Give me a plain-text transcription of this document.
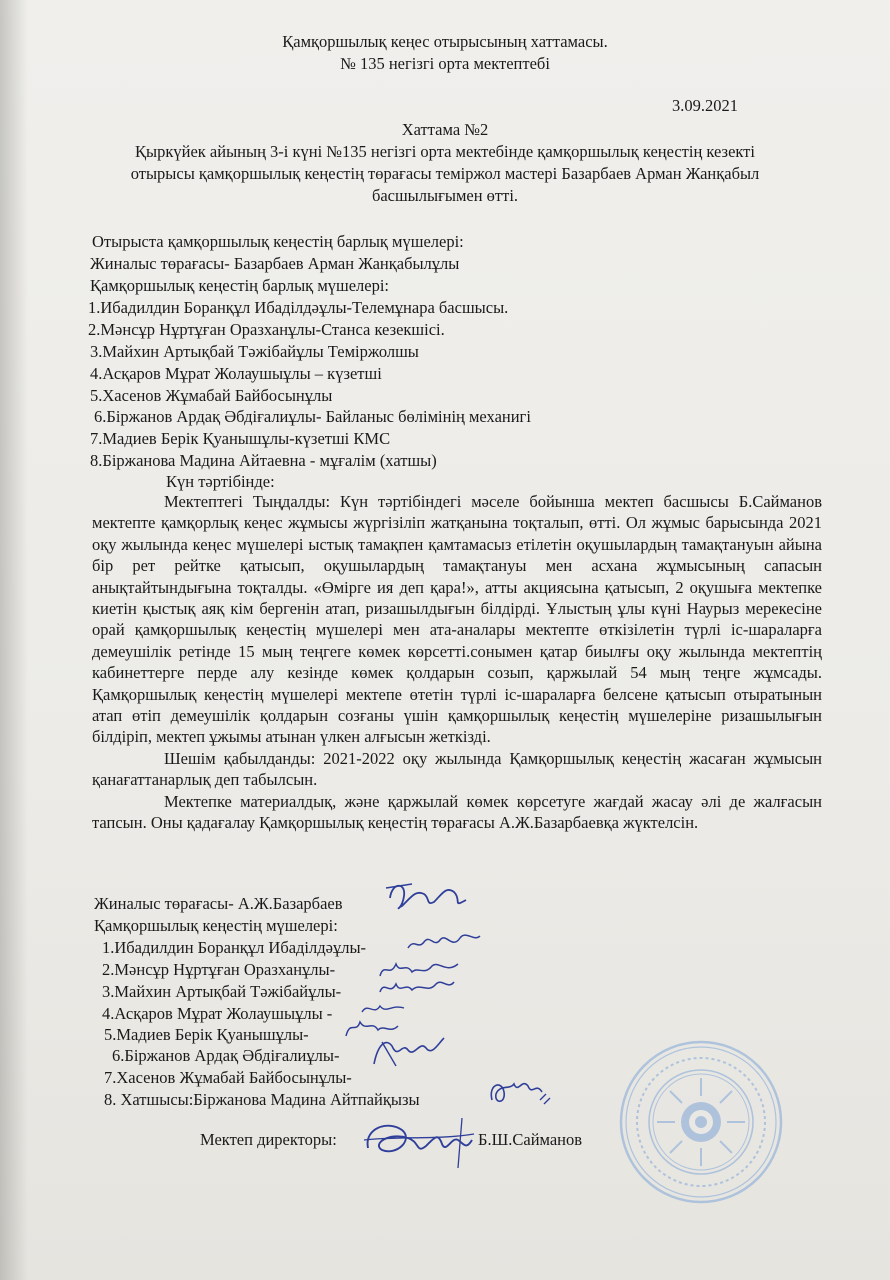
Қамқоршылық кеңес отырысының хаттамасы.
№ 135 негізгі орта мектептебі
3.09.2021
Хаттама №2
Қыркүйек айының 3-і күні №135 негізгі орта мектебінде қамқоршылық кеңестің кезекті
отырысы қамқоршылық кеңестің төрағасы теміржол мастері Базарбаев Арман Жанқабыл
басшылығымен өтті.
Отырыста қамқоршылық кеңестің барлық мүшелері:
Жиналыс төрағасы- Базарбаев Арман Жанқабылұлы
Қамқоршылық кеңестің барлық мүшелері:
1.Ибадилдин Боранқұл Ибаділдәұлы-Телемұнара басшысы.
2.Мәнсұр Нұртұған Оразханұлы-Станса кезекшісі.
3.Майхин Артықбай Тәжібайұлы Теміржолшы
4.Асқаров Мұрат Жолаушыұлы – күзетші
5.Хасенов Жұмабай Байбосынұлы
6.Біржанов Ардақ Әбдіғалиұлы- Байланыс бөлімінің механигі
7.Мадиев Берік Қуанышұлы-күзетші КМС
8.Біржанова Мадина Айтаевна - мұғалім (хатшы)
Күн тәртібінде:

Мектептегі Тыңдалды: Күн тәртібіндегі мәселе бойынша мектеп басшысы Б.Сайманов мектепте қамқорлық кеңес жұмысы жүргізіліп жатқанына тоқталып, өтті. Ол жұмыс барысында 2021 оқу жылында кеңес мүшелері ыстық тамақпен қамтамасыз етілетін оқушылардың тамақтануын айына бір рет рейтке қатысып, оқушылардың тамақтануы мен асхана жұмысының сапасын анықтайтындығына тоқталды. «Өмірге ия деп қара!», атты акциясына қатысып, 2 оқушыға мектепке киетін қыстық аяқ кім бергенін атап, ризашылдығын білдірді. Ұлыстың ұлы күні Наурыз мерекесіне орай қамқоршылық кеңестің мүшелері мен ата-аналары мектепте өткізілетін түрлі іс-шараларға демеушілік ретінде 15 мың теңгеге көмек көрсетті.сонымен қатар биылғы оқу жылында мектептің кабинеттерге перде алу кезінде көмек қолдарын созып, қаржылай 54 мың теңге жұмсады. Қамқоршылық кеңестің мүшелері мектепе өтетін түрлі іс-шараларға белсене қатысып отыратынын атап өтіп демеушілік қолдарын созғаны үшін қамқоршылық кеңестің мүшелеріне ризашылығын білдіріп, мектеп ұжымы атынан үлкен алғысын жеткізді.

Шешім қабылданды: 2021-2022 оқу жылында Қамқоршылық кеңестің жасаған жұмысын қанағаттанарлық деп табылсын.

Мектепке материалдық, және қаржылай көмек көрсетуге жағдай жасау әлі де жалғасын тапсын. Оны қадағалау Қамқоршылық кеңестің төрағасы А.Ж.Базарбаевқа жүктелсін.

Жиналыс төрағасы- А.Ж.Базарбаев
Қамқоршылық кеңестің мүшелері:
1.Ибадилдин Боранқұл Ибаділдәұлы-
2.Мәнсұр Нұртұған Оразханұлы-
3.Майхин Артықбай Тәжібайұлы-
4.Асқаров Мұрат Жолаушыұлы -
5.Мадиев Берік Қуанышұлы-
6.Біржанов Ардақ Әбдіғалиұлы-
7.Хасенов Жұмабай Байбосынұлы-
8. Хатшысы:Біржанова Мадина Айтпайқызы
Мектеп директоры:	Б.Ш.Сайманов
